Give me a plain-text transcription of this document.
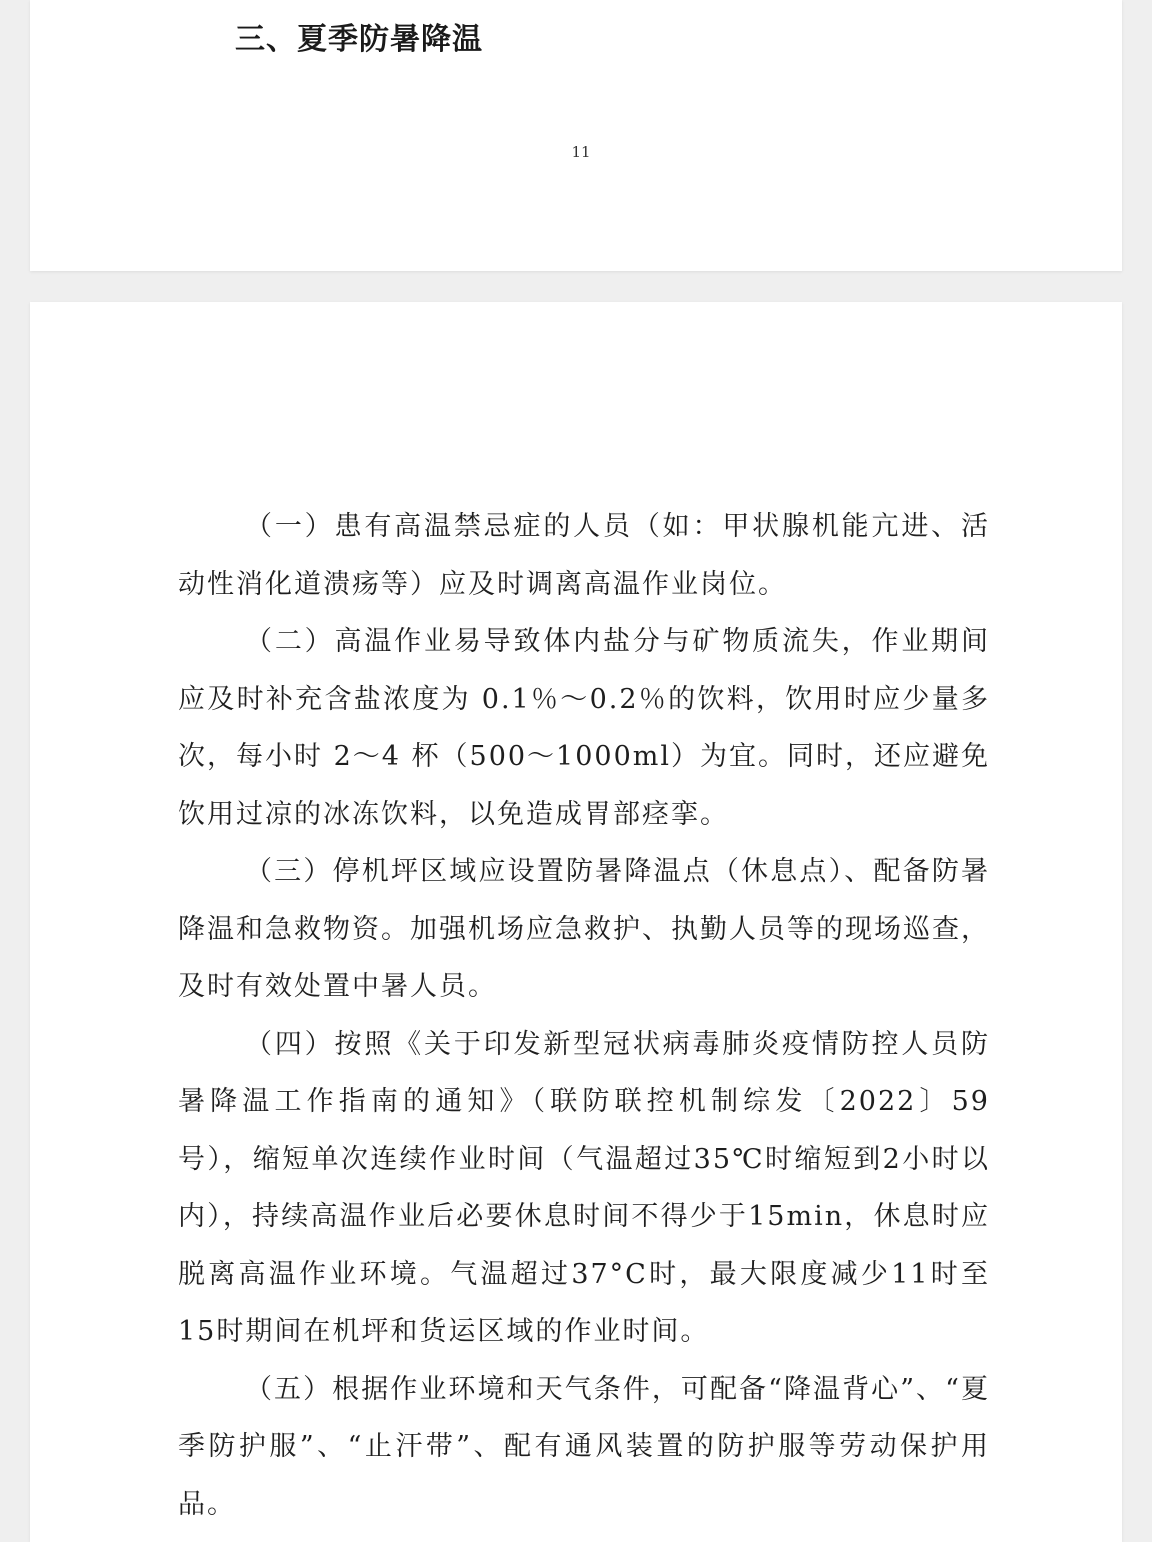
三、夏季防暑降温
11

（一）患有高温禁忌症的人员（如：甲状腺机能亢进、活动性消化道溃疡等）应及时调离高温作业岗位。

（二）高温作业易导致体内盐分与矿物质流失，作业期间应及时补充含盐浓度为 0.1％～0.2％的饮料，饮用时应少量多次，每小时 2～4 杯（500～1000ml）为宜。同时，还应避免饮用过凉的冰冻饮料，以免造成胃部痉挛。

（三）停机坪区域应设置防暑降温点（休息点）、配备防暑降温和急救物资。加强机场应急救护、执勤人员等的现场巡查，及时有效处置中暑人员。

（四）按照《关于印发新型冠状病毒肺炎疫情防控人员防暑降温工作指南的通知》（联防联控机制综发〔2022〕59号），缩短单次连续作业时间（气温超过35℃时缩短到2小时以内），持续高温作业后必要休息时间不得少于15min，休息时应脱离高温作业环境。气温超过37°C时，最大限度减少11时至15时期间在机坪和货运区域的作业时间。

（五）根据作业环境和天气条件，可配备“降温背心”、“夏季防护服”、“止汗带”、配有通风装置的防护服等劳动保护用品。
